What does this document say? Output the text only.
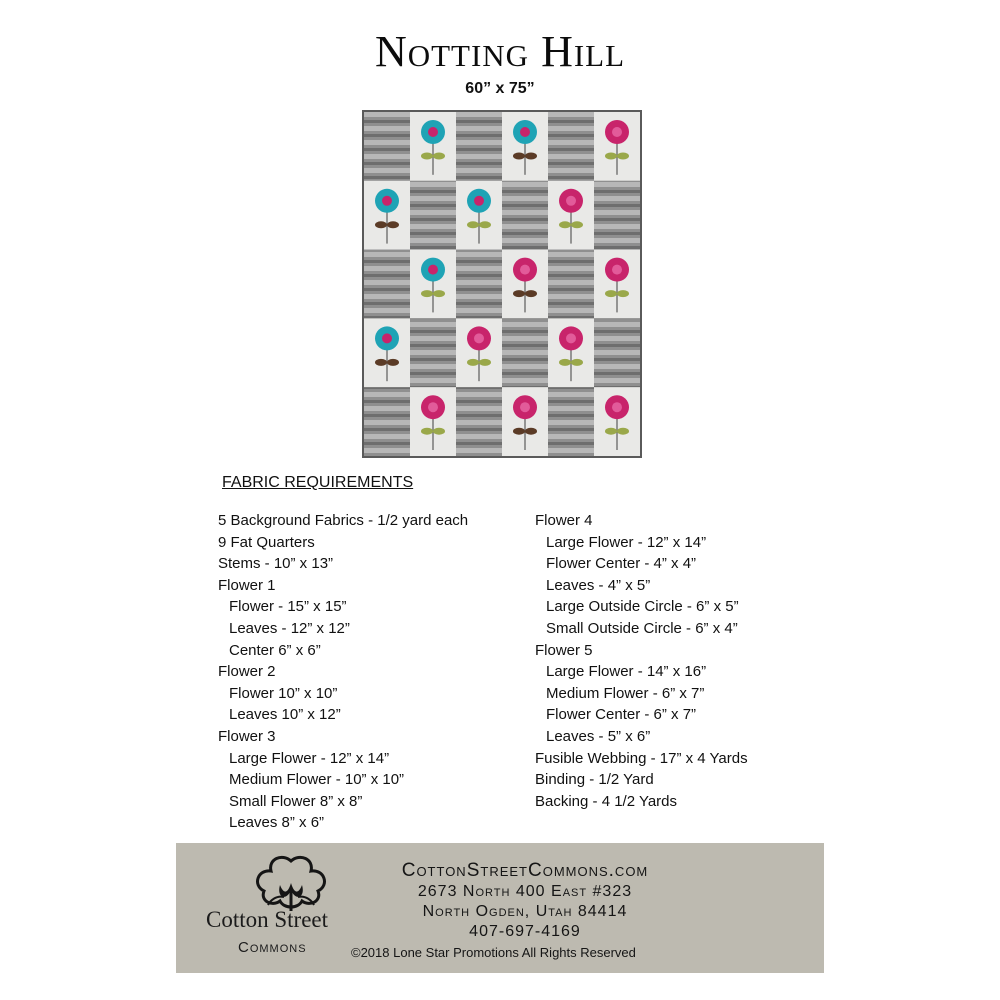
Notting Hill
60” x 75”
FABRIC REQUIREMENTS
5 Background Fabrics - 1/2 yard each
9 Fat Quarters
Stems - 10” x 13”
Flower 1
Flower - 15” x 15”
Leaves - 12” x 12”
Center 6” x 6”
Flower 2
Flower 10” x 10”
Leaves 10” x 12”
Flower 3
Large Flower - 12” x 14”
Medium Flower - 10” x 10”
Small Flower 8” x 8”
Leaves 8” x 6”
Flower 4
Large Flower - 12” x 14”
Flower Center - 4” x 4”
Leaves - 4” x 5”
Large Outside Circle - 6” x 5”
Small Outside Circle - 6” x 4”
Flower 5
Large Flower - 14” x 16”
Medium Flower - 6” x 7”
Flower Center - 6” x 7”
Leaves - 5” x 6”
Fusible Webbing - 17” x 4 Yards
Binding - 1/2 Yard
Backing - 4 1/2 Yards
Cotton Street
Commons
CottonStreetCommons.com
2673 North 400 East #323
North Ogden, Utah 84414
407-697-4169
©2018 Lone Star Promotions All Rights Reserved
